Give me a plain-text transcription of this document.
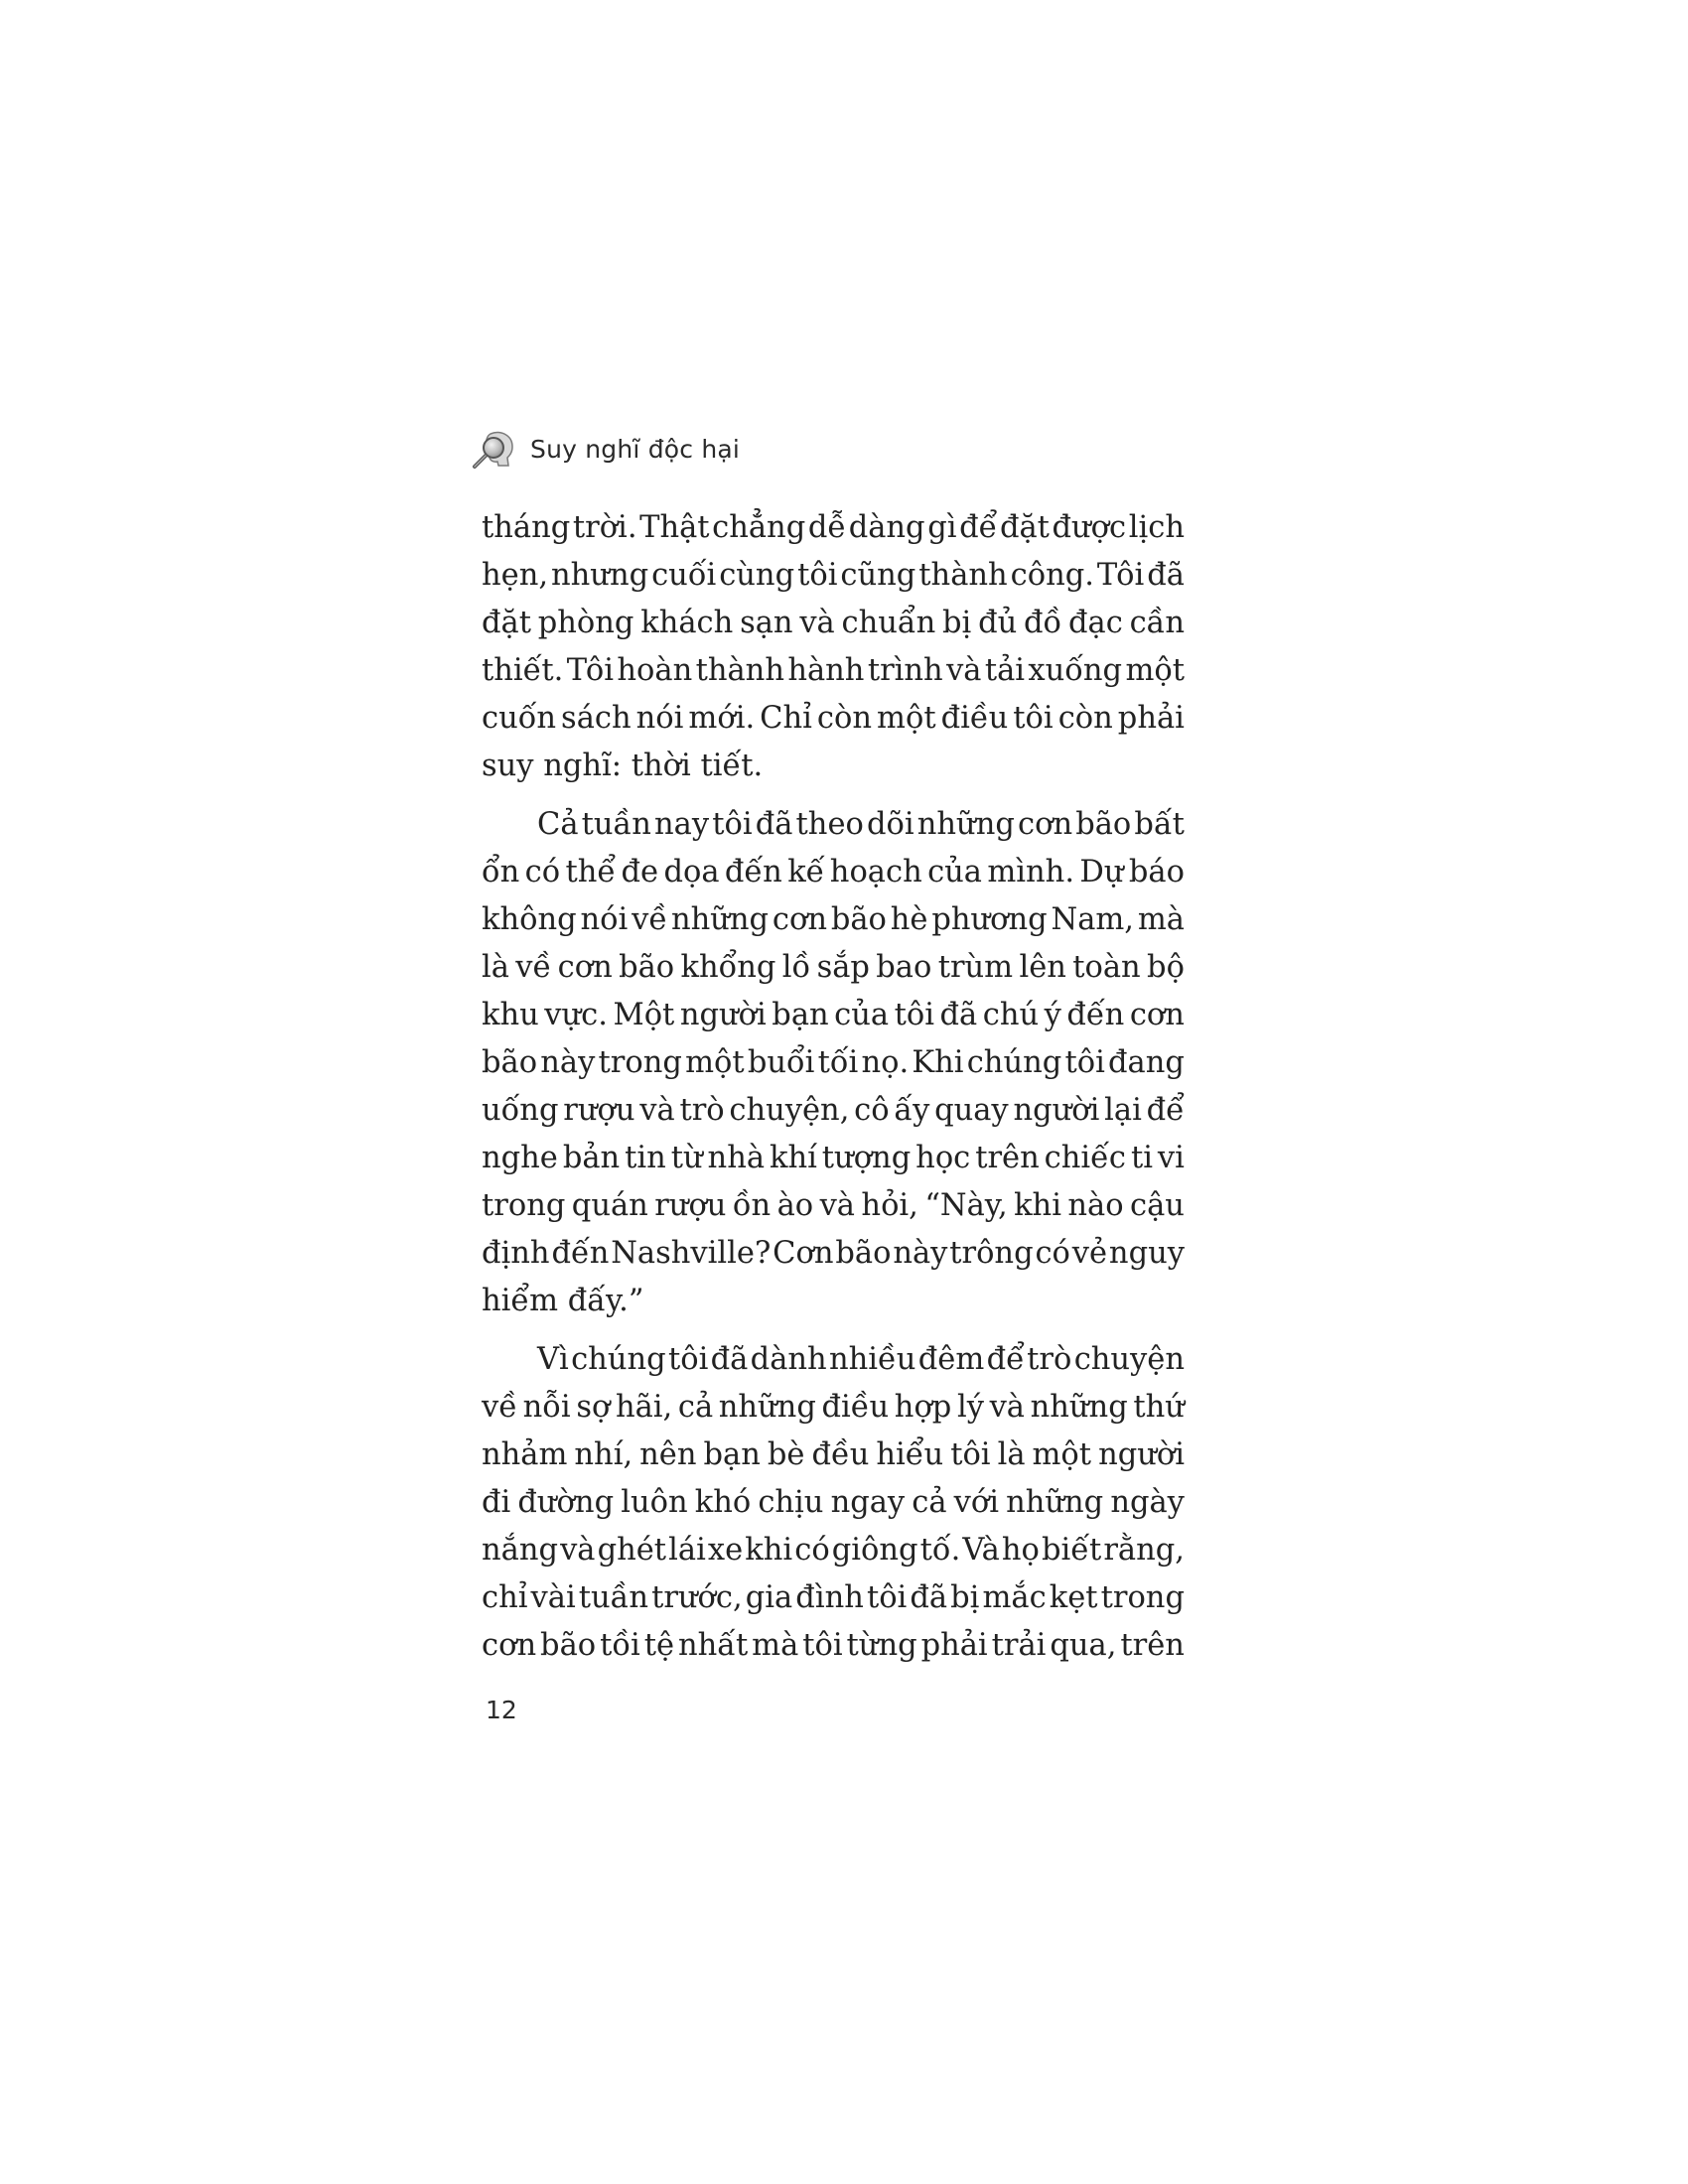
Suy nghĩ độc hại
tháng trời. Thật chẳng dễ dàng gì để đặt được lịch
hẹn, nhưng cuối cùng tôi cũng thành công. Tôi đã
đặt phòng khách sạn và chuẩn bị đủ đồ đạc cần
thiết. Tôi hoàn thành hành trình và tải xuống một
cuốn sách nói mới. Chỉ còn một điều tôi còn phải
suy nghĩ: thời tiết.
Cả tuần nay tôi đã theo dõi những cơn bão bất
ổn có thể đe dọa đến kế hoạch của mình. Dự báo
không nói về những cơn bão hè phương Nam, mà
là về cơn bão khổng lồ sắp bao trùm lên toàn bộ
khu vực. Một người bạn của tôi đã chú ý đến cơn
bão này trong một buổi tối nọ. Khi chúng tôi đang
uống rượu và trò chuyện, cô ấy quay người lại để
nghe bản tin từ nhà khí tượng học trên chiếc ti vi
trong quán rượu ồn ào và hỏi, “Này, khi nào cậu
định đến Nashville? Cơn bão này trông có vẻ nguy
hiểm đấy.”
Vì chúng tôi đã dành nhiều đêm để trò chuyện
về nỗi sợ hãi, cả những điều hợp lý và những thứ
nhảm nhí, nên bạn bè đều hiểu tôi là một người
đi đường luôn khó chịu ngay cả với những ngày
nắng và ghét lái xe khi có giông tố. Và họ biết rằng,
chỉ vài tuần trước, gia đình tôi đã bị mắc kẹt trong
cơn bão tồi tệ nhất mà tôi từng phải trải qua, trên
12
